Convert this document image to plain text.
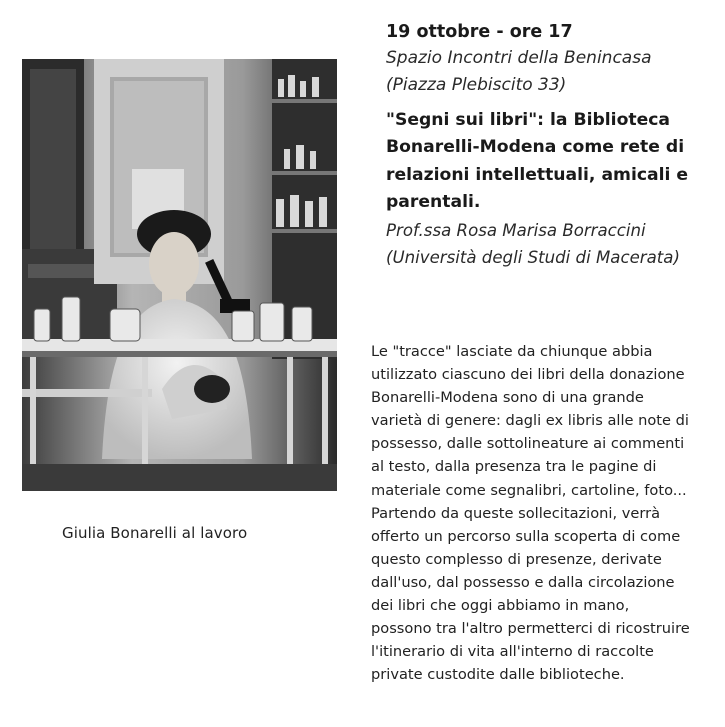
Giulia Bonarelli al lavoro
19 ottobre - ore 17
Spazio Incontri della Benincasa
(Piazza Plebiscito 33)
"Segni sui libri": la Biblioteca Bonarelli-Modena come rete di relazioni intellettuali, amicali e parentali.
Prof.ssa Rosa Marisa Borraccini
(Università degli Studi di Macerata)
Le "tracce" lasciate da chiunque abbia
utilizzato ciascuno dei libri della donazione
Bonarelli-Modena sono di una grande
varietà di genere: dagli ex libris alle note di
possesso, dalle sottolineature ai commenti
al testo, dalla presenza tra le pagine di
materiale come segnalibri, cartoline, foto...
Partendo da queste sollecitazioni, verrà
offerto un percorso sulla scoperta di come
questo complesso di presenze, derivate
dall'uso, dal possesso e dalla circolazione
dei libri che oggi abbiamo in mano,
possono tra l'altro permetterci di ricostruire
l'itinerario di vita all'interno di raccolte
private custodite dalle biblioteche.
